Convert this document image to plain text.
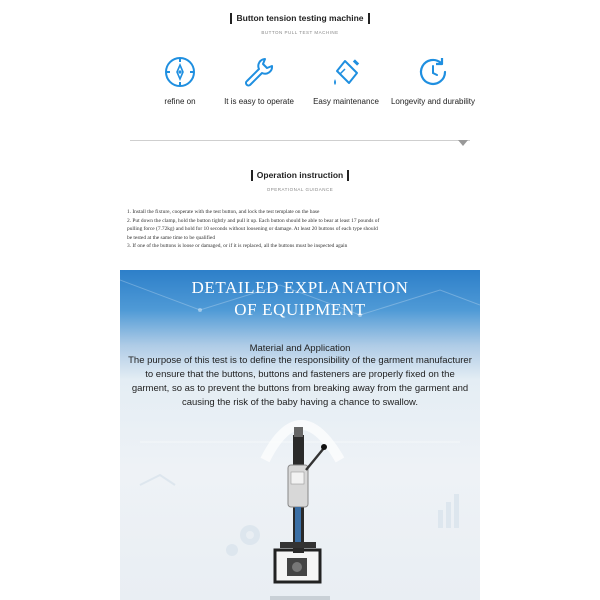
Button tension testing machine
BUTTON PULL TEST MACHINE
refine on	It is easy to operate	Easy maintenance	Longevity and durability
Operation instruction
OPERATIONAL GUIDANCE
1. Install the fixture, cooperate with the test button, and lock the test template on the base
2. Put down the clamp, hold the button tightly and pull it up. Each button should be able to bear at least 17 pounds of
pulling force (7.72kg) and hold for 10 seconds without loosening or damage. At least 20 buttons of each type should
be tested at the same time to be qualified
3. If one of the buttons is loose or damaged, or if it is replaced, all the buttons must be inspected again
DETAILED EXPLANATION
OF EQUIPMENT
Material and Application
The purpose of this test is to define the responsibility of the garment manufacturer to ensure that the buttons, buttons and fasteners are properly fixed on the garment, so as to prevent the buttons from breaking away from the garment and causing the risk of the baby having a chance to swallow.
